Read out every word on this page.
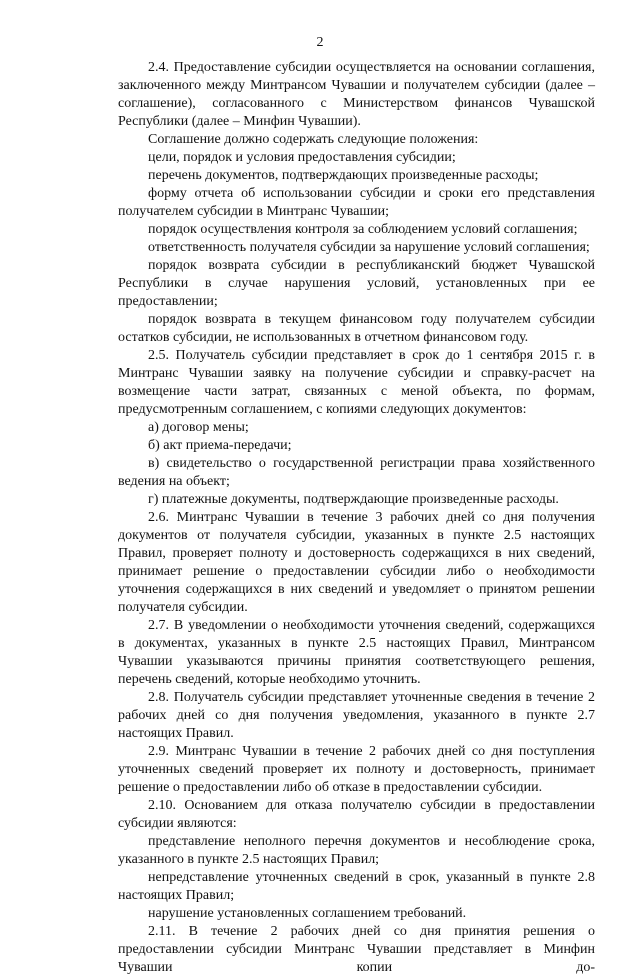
2

2.4. Предоставление субсидии осуществляется на основании соглашения, заключенного между Минтрансом Чувашии и получателем субсидии (далее – соглашение), согласованного с Министерством финансов Чувашской Республики (далее – Минфин Чувашии).

Соглашение должно содержать следующие положения:

цели, порядок и условия предоставления субсидии;

перечень документов, подтверждающих произведенные расходы;

форму отчета об использовании субсидии и сроки его представления получателем субсидии в Минтранс Чувашии;

порядок осуществления контроля за соблюдением условий соглашения;

ответственность получателя субсидии за нарушение условий соглашения;

порядок возврата субсидии в республиканский бюджет Чувашской Республики в случае нарушения условий, установленных при ее предоставлении;

порядок возврата в текущем финансовом году получателем субсидии остатков субсидии, не использованных в отчетном финансовом году.

2.5. Получатель субсидии представляет в срок до 1 сентября 2015 г. в Минтранс Чувашии заявку на получение субсидии и справку-расчет на возмещение части затрат, связанных с меной объекта, по формам, предусмотренным соглашением, с копиями следующих документов:

а) договор мены;

б) акт приема-передачи;

в) свидетельство о государственной регистрации права хозяйственного ведения на объект;

г) платежные документы, подтверждающие произведенные расходы.

2.6. Минтранс Чувашии в течение 3 рабочих дней со дня получения документов от получателя субсидии, указанных в пункте 2.5 настоящих Правил, проверяет полноту и достоверность содержащихся в них сведений, принимает решение о предоставлении субсидии либо о необходимости уточнения содержащихся в них сведений и уведомляет о принятом решении получателя субсидии.

2.7. В уведомлении о необходимости уточнения сведений, содержащихся в документах, указанных в пункте 2.5 настоящих Правил, Минтрансом Чувашии указываются причины принятия соответствующего решения, перечень сведений, которые необходимо уточнить.

2.8. Получатель субсидии представляет уточненные сведения в течение 2 рабочих дней со дня получения уведомления, указанного в пункте 2.7 настоящих Правил.

2.9. Минтранс Чувашии в течение 2 рабочих дней со дня поступления уточненных сведений проверяет их полноту и достоверность, принимает решение о предоставлении либо об отказе в предоставлении субсидии.

2.10. Основанием для отказа получателю субсидии в предоставлении субсидии являются:

представление неполного перечня документов и несоблюдение срока, указанного в пункте 2.5 настоящих Правил;

непредставление уточненных сведений в срок, указанный в пункте 2.8 настоящих Правил;

нарушение установленных соглашением требований.

2.11. В течение 2 рабочих дней со дня принятия решения о предоставлении субсидии Минтранс Чувашии представляет в Минфин Чувашии копии до-
